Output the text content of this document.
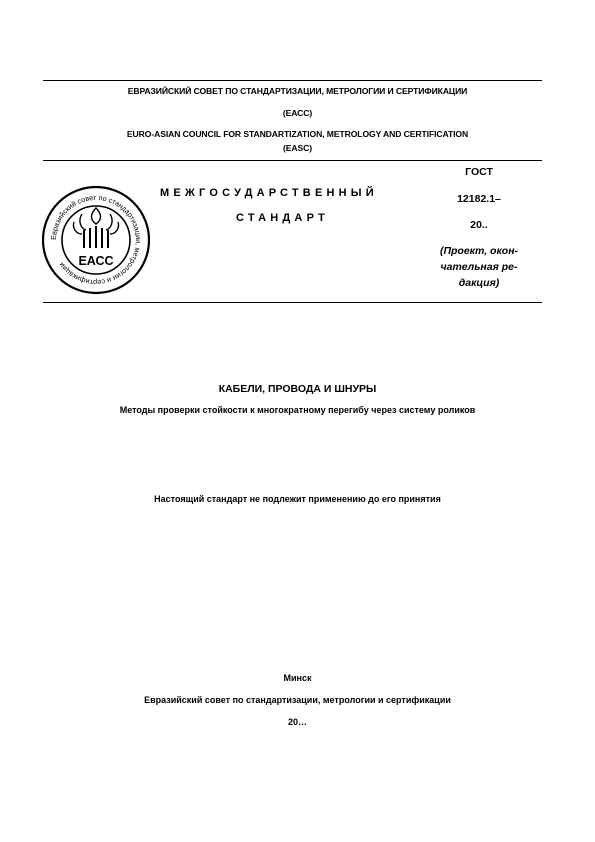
ЕВРАЗИЙСКИЙ СОВЕТ ПО СТАНДАРТИЗАЦИИ, МЕТРОЛОГИИ И СЕРТИФИКАЦИИ
(ЕАСС)
EURO-ASIAN COUNCIL FOR STANDARTIZATION, METROLOGY AND CERTIFICATION
(EASC)
Евразийский совет по стандартизации, метрологии и сертификации ЕАСС
МЕЖГОСУДАРСТВЕННЫЙ
СТАНДАРТ
ГОСТ
12182.1–
20..
(Проект, окон-
чательная ре-
дакция)
КАБЕЛИ, ПРОВОДА И ШНУРЫ
Методы проверки стойкости к многократному перегибу через систему роликов
Настоящий стандарт не подлежит применению до его принятия
Минск
Евразийский совет по стандартизации, метрологии и сертификации
20…
